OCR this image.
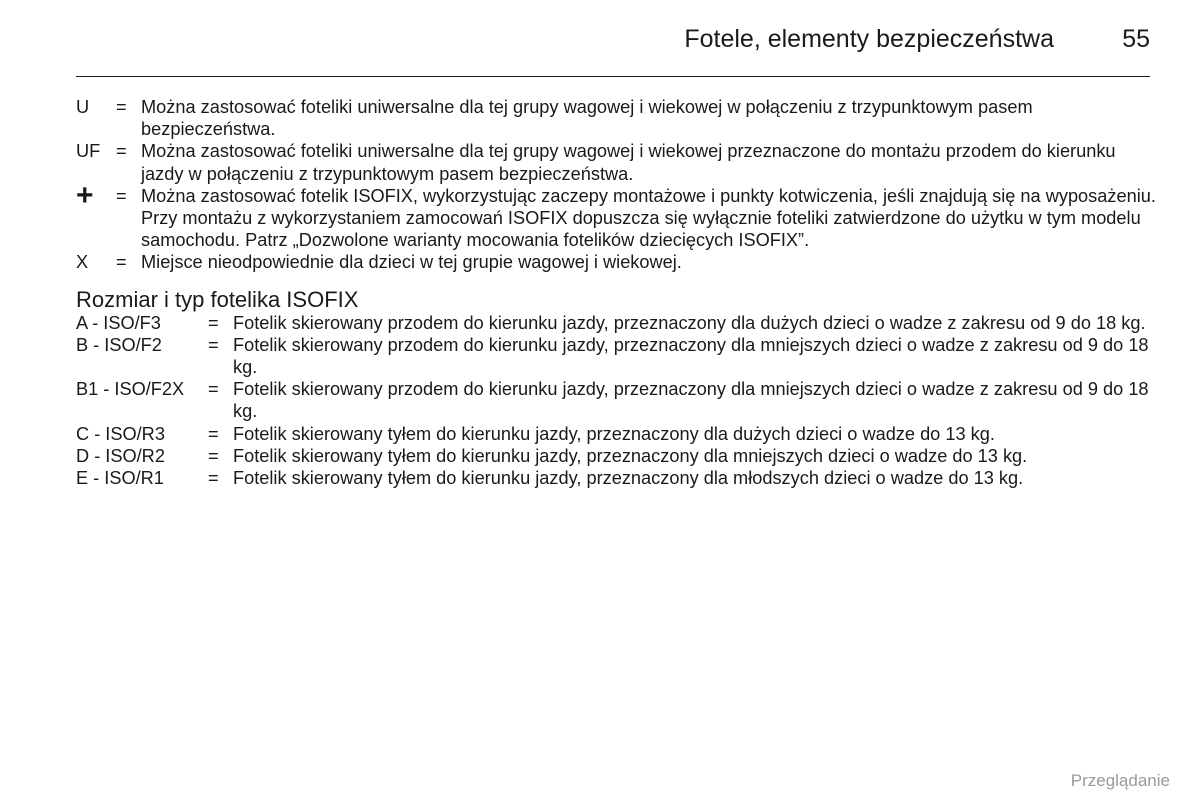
Fotele, elementy bezpieczeństwa	55
U	= Można zastosować foteliki uniwersalne dla tej grupy wagowej i wiekowej w połączeniu z trzypunktowym pasem bezpieczeństwa.
UF = Można zastosować foteliki uniwersalne dla tej grupy wagowej i wiekowej przeznaczone do montażu przodem do kierunku jazdy w połączeniu z trzypunktowym pasem bezpieczeństwa.
+	= Można zastosować fotelik ISOFIX, wykorzystując zaczepy montażowe i punkty kotwiczenia, jeśli znajdują się na wyposażeniu. Przy montażu z wykorzystaniem zamocowań ISOFIX dopuszcza się wyłącznie foteliki zatwierdzone do użytku w tym modelu samochodu. Patrz „Dozwolone warianty mocowania fotelików dziecięcych ISOFIX”.
X	= Miejsce nieodpowiednie dla dzieci w tej grupie wagowej i wiekowej.
Rozmiar i typ fotelika ISOFIX
A - ISO/F3	= Fotelik skierowany przodem do kierunku jazdy, przeznaczony dla dużych dzieci o wadze z zakresu od 9 do 18 kg.
B - ISO/F2	= Fotelik skierowany przodem do kierunku jazdy, przeznaczony dla mniejszych dzieci o wadze z zakresu od 9 do 18 kg.
B1 - ISO/F2X	= Fotelik skierowany przodem do kierunku jazdy, przeznaczony dla mniejszych dzieci o wadze z zakresu od 9 do 18 kg.
C - ISO/R3	= Fotelik skierowany tyłem do kierunku jazdy, przeznaczony dla dużych dzieci o wadze do 13 kg.
D - ISO/R2	= Fotelik skierowany tyłem do kierunku jazdy, przeznaczony dla mniejszych dzieci o wadze do 13 kg.
E - ISO/R1	= Fotelik skierowany tyłem do kierunku jazdy, przeznaczony dla młodszych dzieci o wadze do 13 kg.
Przeglądanie
